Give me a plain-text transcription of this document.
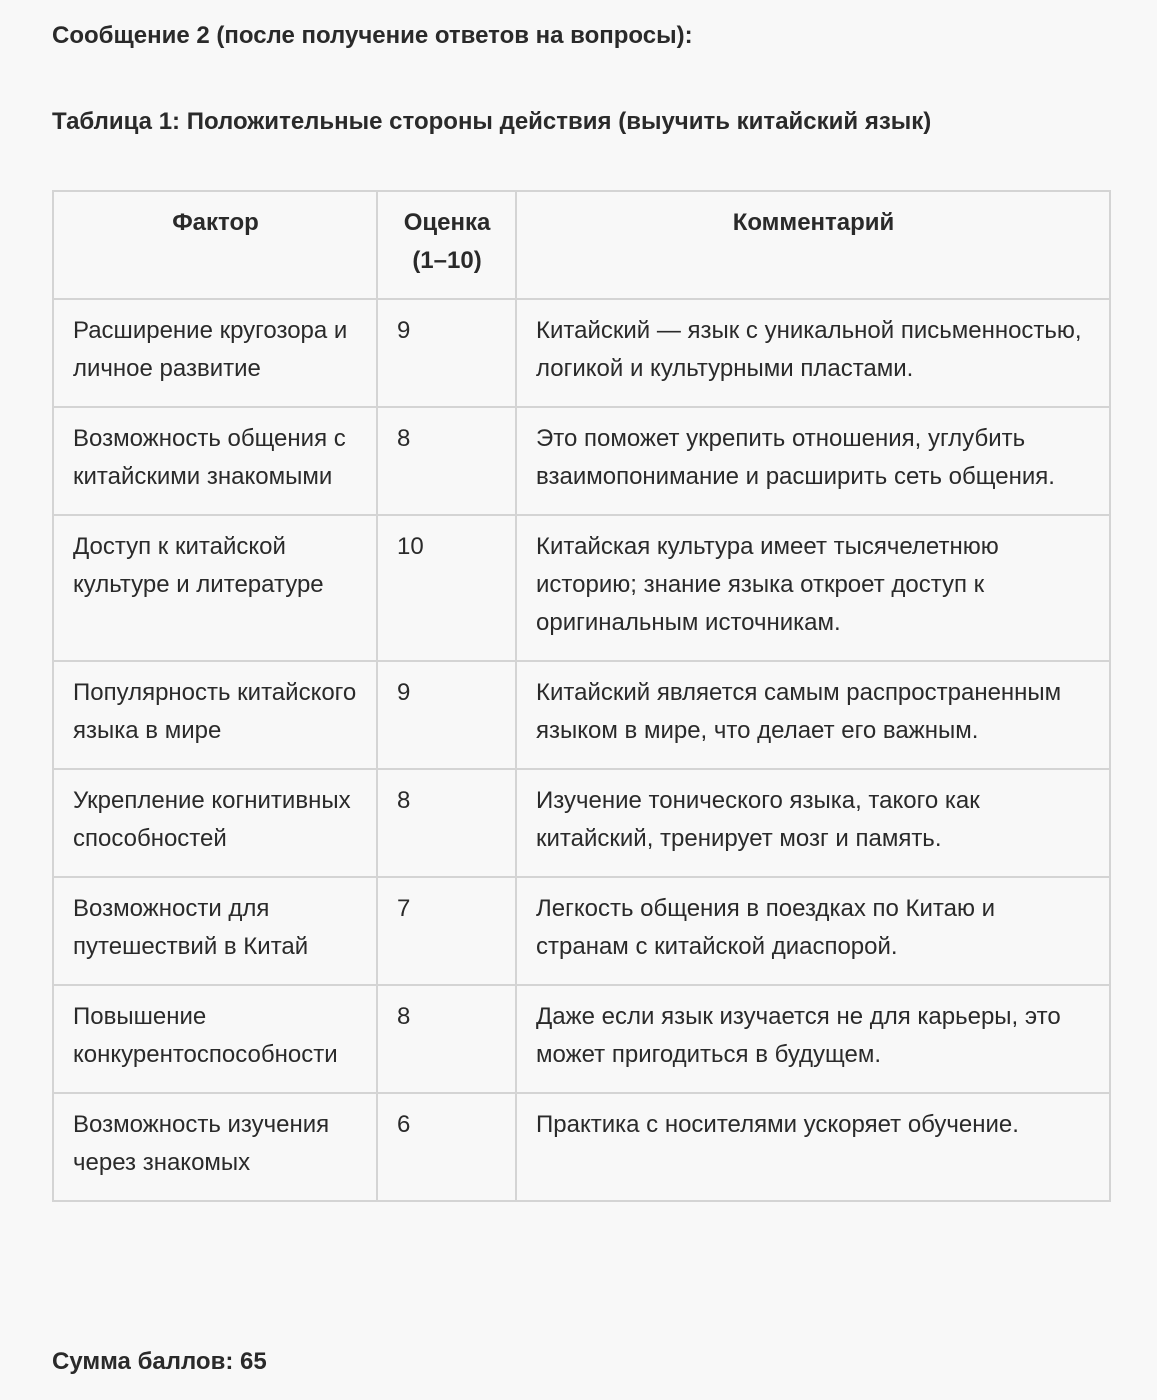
Сообщение 2 (после получение ответов на вопросы):
Таблица 1: Положительные стороны действия (выучить китайский язык)
Фактор	Оценка (1–10)	Комментарий
Расширение кругозора и личное развитие	9	Китайский — язык с уникальной письменностью, логикой и культурными пластами.
Возможность общения с китайскими знакомыми	8	Это поможет укрепить отношения, углубить взаимопонимание и расширить сеть общения.
Доступ к китайской культуре и литературе	10	Китайская культура имеет тысячелетнюю историю; знание языка откроет доступ к оригинальным источникам.
Популярность китайского языка в мире	9	Китайский является самым распространенным языком в мире, что делает его важным.
Укрепление когнитивных способностей	8	Изучение тонического языка, такого как китайский, тренирует мозг и память.
Возможности для путешествий в Китай	7	Легкость общения в поездках по Китаю и странам с китайской диаспорой.
Повышение конкурентоспособности	8	Даже если язык изучается не для карьеры, это может пригодиться в будущем.
Возможность изучения через знакомых	6	Практика с носителями ускоряет обучение.
Сумма баллов: 65
